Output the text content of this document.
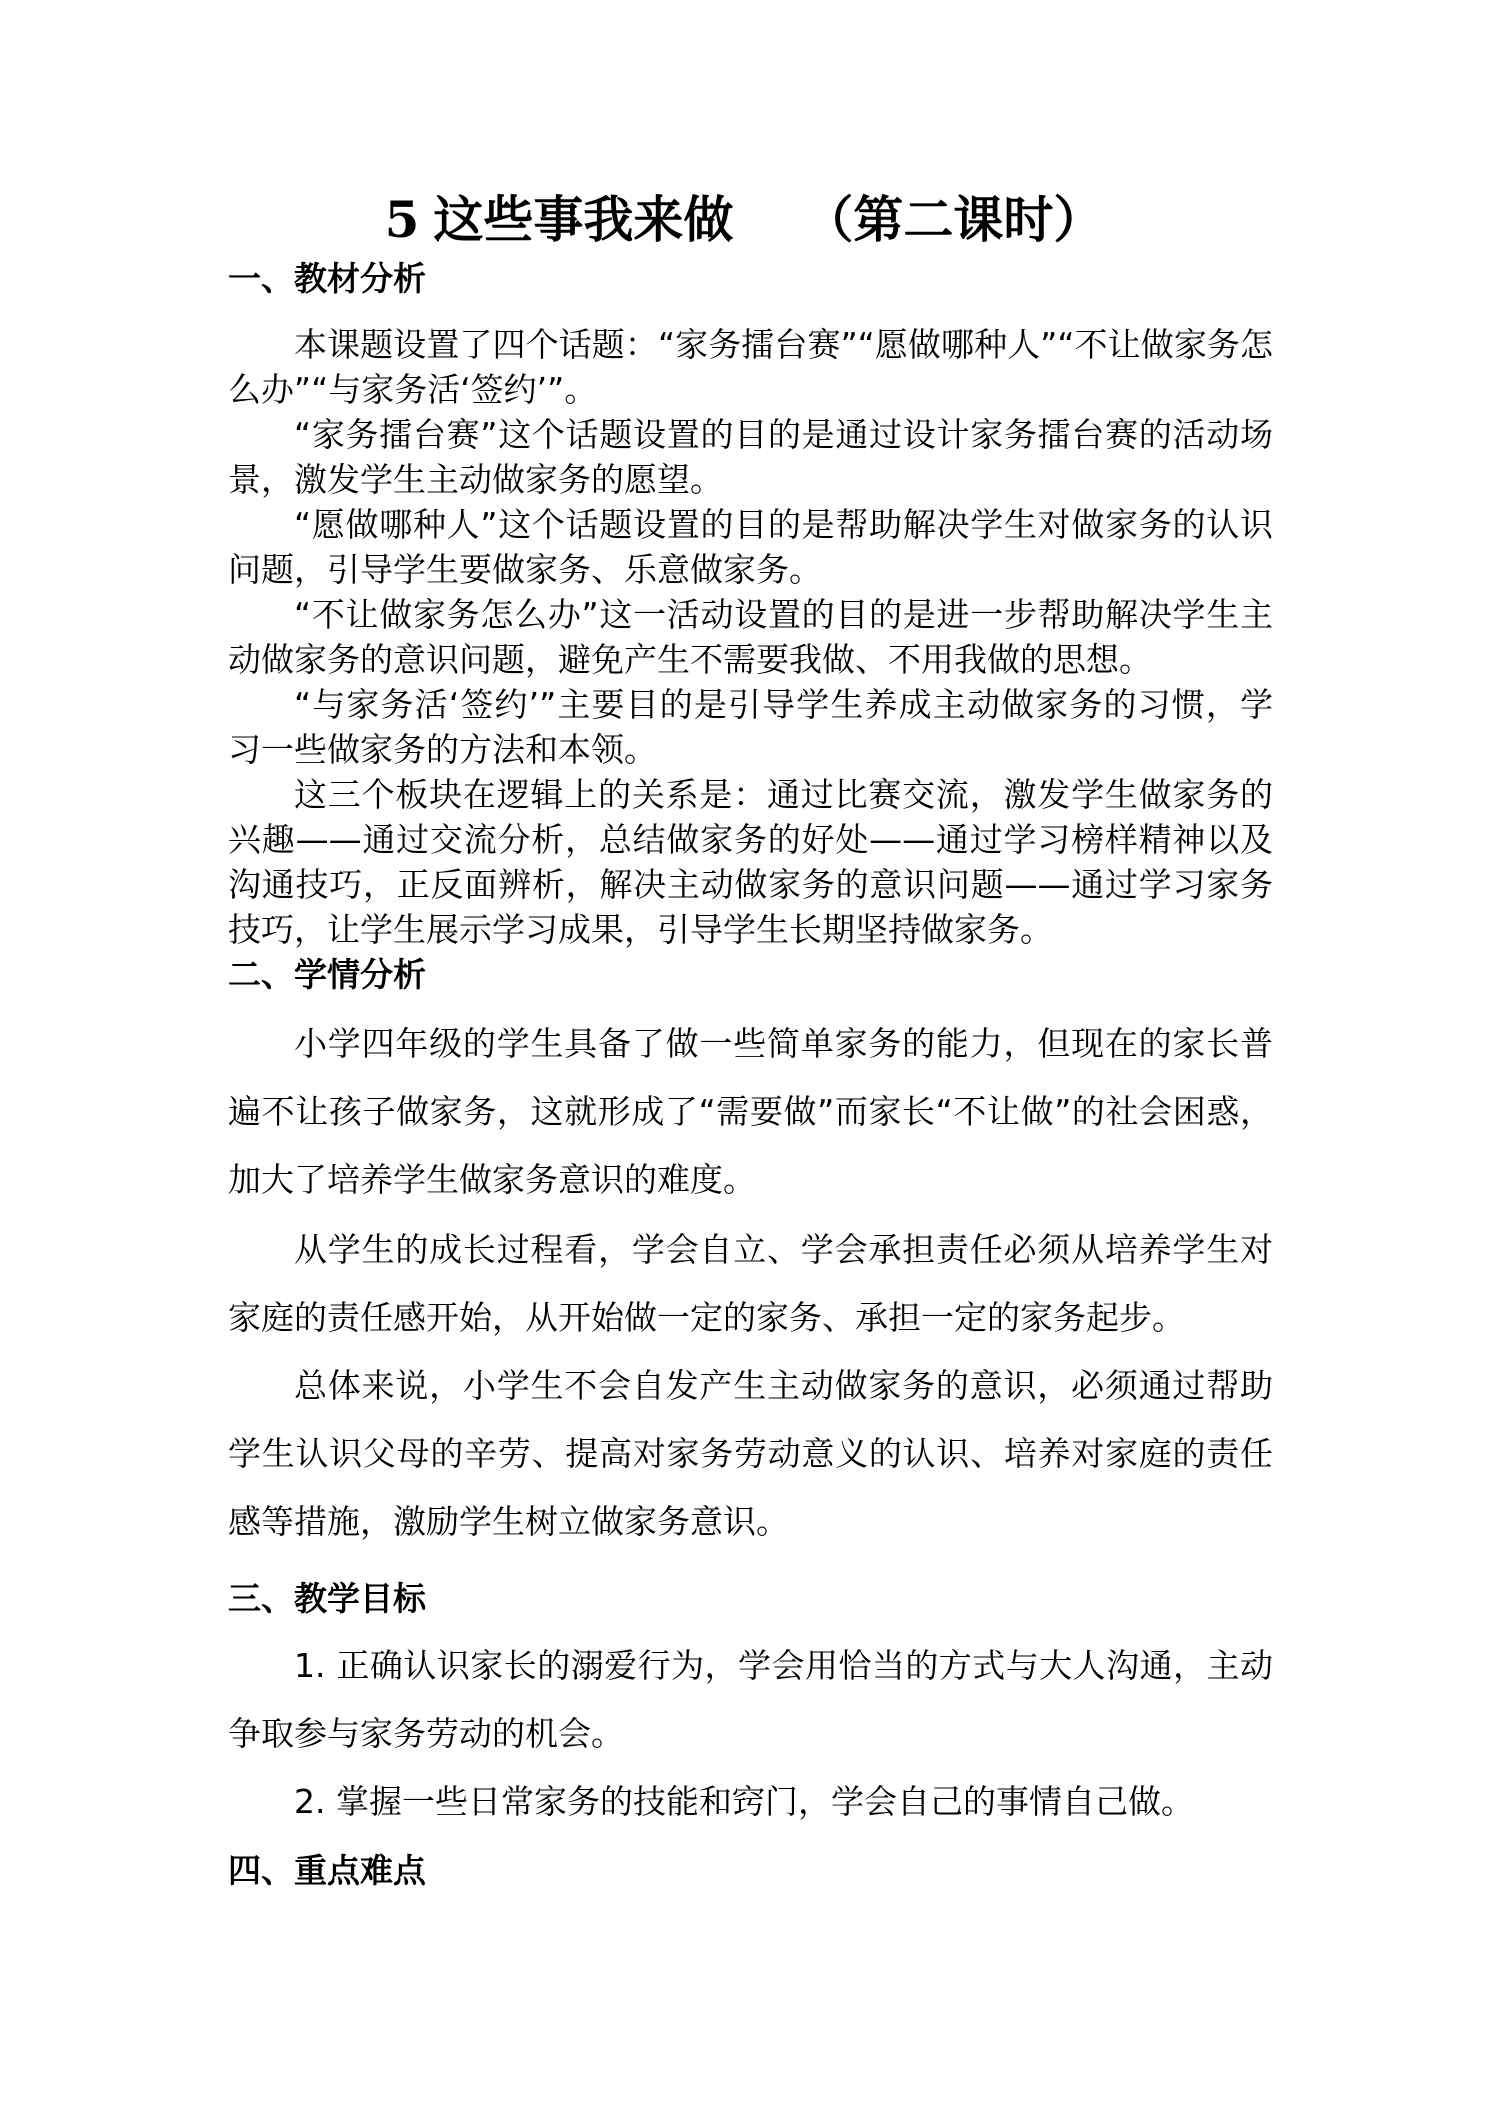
5 这些事我来做 （第二课时）
一、教材分析

本课题设置了四个话题：“家务擂台赛”“愿做哪种人”“不让做家务怎么办”“与家务活‘签约’”。

“家务擂台赛”这个话题设置的目的是通过设计家务擂台赛的活动场景，激发学生主动做家务的愿望。

“愿做哪种人”这个话题设置的目的是帮助解决学生对做家务的认识问题，引导学生要做家务、乐意做家务。

“不让做家务怎么办”这一活动设置的目的是进一步帮助解决学生主动做家务的意识问题，避免产生不需要我做、不用我做的思想。

“与家务活‘签约’”主要目的是引导学生养成主动做家务的习惯，学习一些做家务的方法和本领。

这三个板块在逻辑上的关系是：通过比赛交流，激发学生做家务的兴趣——通过交流分析，总结做家务的好处——通过学习榜样精神以及沟通技巧，正反面辨析，解决主动做家务的意识问题——通过学习家务技巧，让学生展示学习成果，引导学生长期坚持做家务。

二、学情分析

小学四年级的学生具备了做一些简单家务的能力，但现在的家长普遍不让孩子做家务，这就形成了“需要做”而家长“不让做”的社会困惑，加大了培养学生做家务意识的难度。

从学生的成长过程看，学会自立、学会承担责任必须从培养学生对家庭的责任感开始，从开始做一定的家务、承担一定的家务起步。

总体来说，小学生不会自发产生主动做家务的意识，必须通过帮助学生认识父母的辛劳、提高对家务劳动意义的认识、培养对家庭的责任感等措施，激励学生树立做家务意识。

三、教学目标

1. 正确认识家长的溺爱行为，学会用恰当的方式与大人沟通，主动争取参与家务劳动的机会。

2. 掌握一些日常家务的技能和窍门，学会自己的事情自己做。

四、重点难点
